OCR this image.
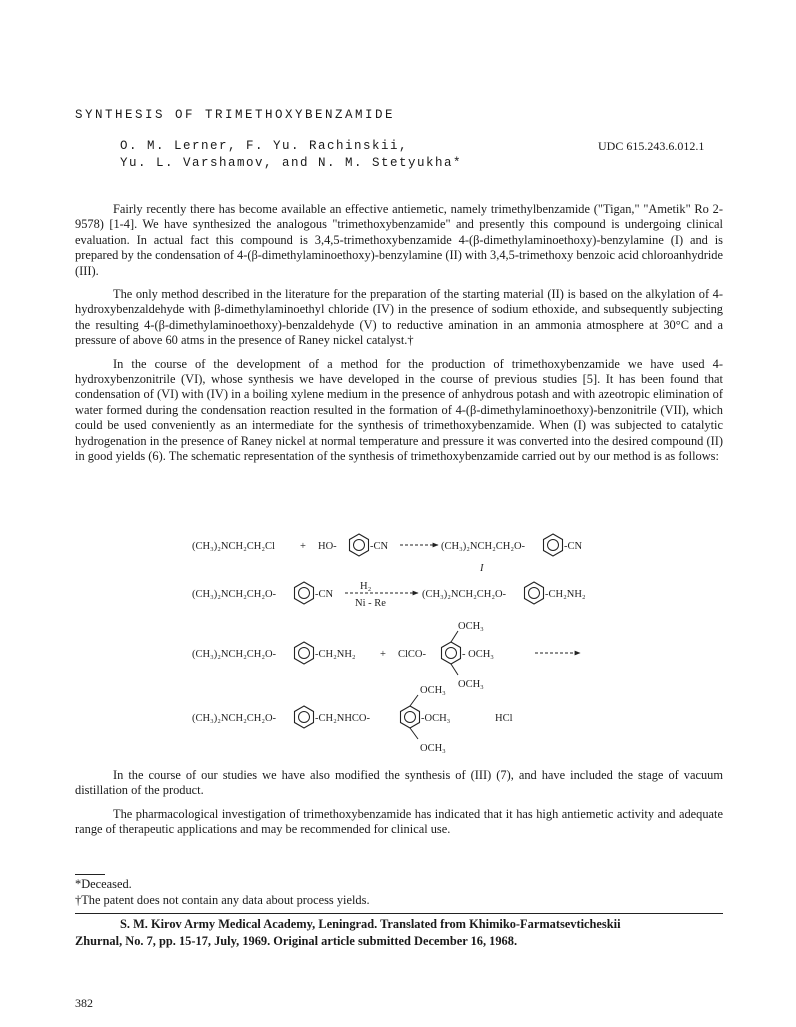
SYNTHESIS OF TRIMETHOXYBENZAMIDE
O. M. Lerner, F. Yu. Rachinskii,
Yu. L. Varshamov, and N. M. Stetyukha*
UDC 615.243.6.012.1

Fairly recently there has become available an effective antiemetic, namely trimethylbenzamide ("Tigan," "Ametik" Ro 2-9578) [1-4]. We have synthesized the analogous "trimethoxybenzamide" and presently this compound is undergoing clinical evaluation. In actual fact this compound is 3,4,5-trimethoxybenzamide 4-(β-dimethylaminoethoxy)-benzylamine (I) and is prepared by the condensation of 4-(β-dimethylaminoethoxy)-benzylamine (II) with 3,4,5-trimethoxy benzoic acid chloroanhydride (III).

The only method described in the literature for the preparation of the starting material (II) is based on the alkylation of 4-hydroxybenzaldehyde with β-dimethylaminoethyl chloride (IV) in the presence of sodium ethoxide, and subsequently subjecting the resulting 4-(β-dimethylaminoethoxy)-benzaldehyde (V) to reductive amination in an ammonia atmosphere at 30°C and a pressure of above 60 atms in the presence of Raney nickel catalyst.†

In the course of the development of a method for the production of trimethoxybenzamide we have used 4-hydroxybenzonitrile (VI), whose synthesis we have developed in the course of previous studies [5]. It has been found that condensation of (VI) with (IV) in a boiling xylene medium in the presence of anhydrous potash and with azeotropic elimination of water formed during the condensation reaction resulted in the formation of 4-(β-dimethylaminoethoxy)-benzonitrile (VII), which could be used conveniently as an intermediate for the synthesis of trimethoxybenzamide. When (I) was subjected to catalytic hydrogenation in the presence of Raney nickel at normal temperature and pressure it was converted into the desired compound (II) in good yields (6). The schematic representation of the synthesis of trimethoxybenzamide carried out by our method is as follows:

(CH₃)₂NCH₂CH₂Cl + HO-	-CN	(CH₃)₂NCH₂CH₂O-	-CN
I
(CH₃)₂NCH₂CH₂O-	-CN
H₂
Ni - Re
(CH₃)₂NCH₂CH₂O-	-CH₂NH₂
(CH₃)₂NCH₂CH₂O-	-CH₂NH₂ + ClCO-
OCH₃
- OCH₃
OCH₃
(CH₃)₂NCH₂CH₂O-	-CH₂NHCO-
OCH₃
-OCH₃
OCH₃
HCl

In the course of our studies we have also modified the synthesis of (III) (7), and have included the stage of vacuum distillation of the product.

The pharmacological investigation of trimethoxybenzamide has indicated that it has high antiemetic activity and adequate range of therapeutic applications and may be recommended for clinical use.

*Deceased.
†The patent does not contain any data about process yields.
S. M. Kirov Army Medical Academy, Leningrad. Translated from Khimiko-Farmatsevticheskii
Zhurnal, No. 7, pp. 15-17, July, 1969. Original article submitted December 16, 1968.
382
